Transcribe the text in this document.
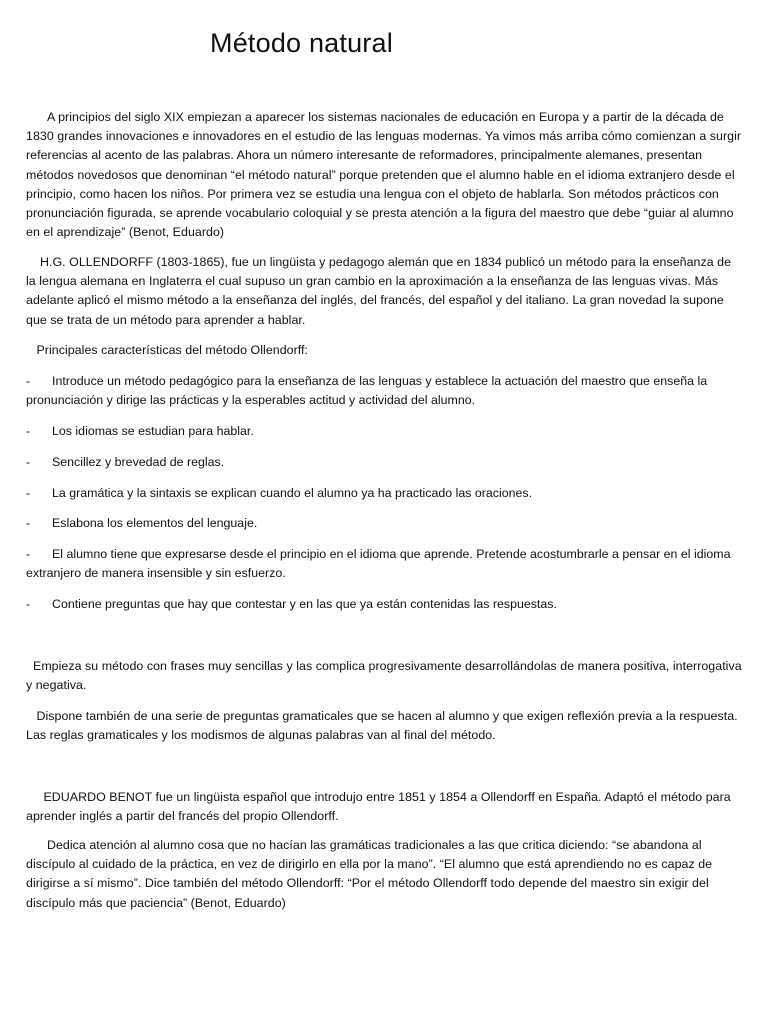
Método natural

A principios del siglo XIX empiezan a aparecer los sistemas nacionales de educación en Europa y a partir de la década de 1830 grandes innovaciones e innovadores en el estudio de las lenguas modernas. Ya vimos más arriba cómo comienzan a surgir referencias al acento de las palabras. Ahora un número interesante de reformadores, principalmente alemanes, presentan métodos novedosos que denominan “el método natural” porque pretenden que el alumno hable en el idioma extranjero desde el principio, como hacen los niños. Por primera vez se estudia una lengua con el objeto de hablarla. Son métodos prácticos con pronunciación figurada, se aprende vocabulario coloquial y se presta atención a la figura del maestro que debe “guiar al alumno en el aprendizaje” (Benot, Eduardo)

H.G. OLLENDORFF (1803-1865), fue un lingüista y pedagogo alemán que en 1834 publicó un método para la enseñanza de la lengua alemana en Inglaterra el cual supuso un gran cambio en la aproximación a la enseñanza de las lenguas vivas. Más adelante aplicó el mismo método a la enseñanza del inglés, del francés, del español y del italiano. La gran novedad la supone que se trata de un método para aprender a hablar.

Principales características del método Ollendorff:

- Introduce un método pedagógico para la enseñanza de las lenguas y establece la actuación del maestro que enseña la pronunciación y dirige las prácticas y la esperables actitud y actividad del alumno.
- Los idiomas se estudian para hablar.
- Sencillez y brevedad de reglas.
- La gramática y la sintaxis se explican cuando el alumno ya ha practicado las oraciones.
- Eslabona los elementos del lenguaje.
- El alumno tiene que expresarse desde el principio en el idioma que aprende. Pretende acostumbrarle a pensar en el idioma extranjero de manera insensible y sin esfuerzo.
- Contiene preguntas que hay que contestar y en las que ya están contenidas las respuestas.

Empieza su método con frases muy sencillas y las complica progresivamente desarrollándolas de manera positiva, interrogativa y negativa.

Dispone también de una serie de preguntas gramaticales que se hacen al alumno y que exigen reflexión previa a la respuesta. Las reglas gramaticales y los modismos de algunas palabras van al final del método.

EDUARDO BENOT fue un lingüista español que introdujo entre 1851 y 1854 a Ollendorff en España. Adaptó el método para aprender inglés a partir del francés del propio Ollendorff.

Dedica atención al alumno cosa que no hacían las gramáticas tradicionales a las que critica diciendo: “se abandona al discípulo al cuidado de la práctica, en vez de dirigirlo en ella por la mano”. “El alumno que está aprendiendo no es capaz de dirigirse a sí mismo”. Dice también del método Ollendorff: “Por el método Ollendorff todo depende del maestro sin exigir del discípulo más que paciencia” (Benot, Eduardo)
